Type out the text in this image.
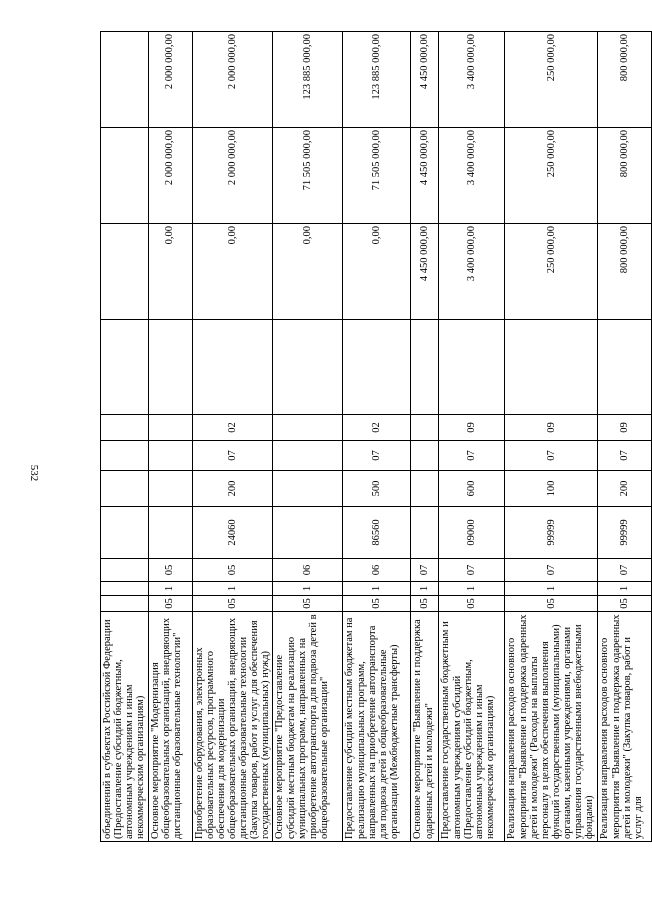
532
объединений в субъектах Российской Федерации (Предоставление субсидий бюджетным, автономным учреждениям и иным некоммерческим организациям)											
Основное мероприятие "Модернизация общеобразовательных организаций, внедряющих дистанционные образовательные технологии"	05	1	05						0,00	2 000 000,00	2 000 000,00
Приобретение оборудования, электронных образовательных ресурсов, программного обеспечения для модернизации общеобразовательных организаций, внедряющих дистанционные образовательные технологии (Закупка товаров, работ и услуг для обеспечения государственных (муниципальных) нужд)	05	1	05	24060	200	07	02		0,00	2 000 000,00	2 000 000,00
Основное мероприятие "Предоставление субсидий местным бюджетам на реализацию муниципальных программ, направленных на приобретение автотранспорта для подвоза детей в общеобразовательные организации"	05	1	06						0,00	71 505 000,00	123 885 000,00
Предоставление субсидий местным бюджетам на реализацию муниципальных программ, направленных на приобретение автотранспорта для подвоза детей в общеобразовательные организации (Межбюджетные трансферты)	05	1	06	86560	500	07	02		0,00	71 505 000,00	123 885 000,00
Основное мероприятие "Выявление и поддержка одаренных детей и молодежи"	05	1	07						4 450 000,00	4 450 000,00	4 450 000,00
Предоставление государственным бюджетным и автономным учреждениям субсидий (Предоставление субсидий бюджетным, автономным учреждениям и иным некоммерческим организациям)	05	1	07	09000	600	07	09		3 400 000,00	3 400 000,00	3 400 000,00
Реализация направления расходов основного мероприятия "Выявление и поддержка одаренных детей и молодежи" (Расходы на выплаты персоналу в целях обеспечения выполнения функций государственными (муниципальными) органами, казенными учреждениями, органами управления государственными внебюджетными фондами)	05	1	07	99999	100	07	09		250 000,00	250 000,00	250 000,00
Реализация направления расходов основного мероприятия "Выявление и поддержка одаренных детей и молодежи" (Закупка товаров, работ и услуг для	05	1	07	99999	200	07	09		800 000,00	800 000,00	800 000,00
